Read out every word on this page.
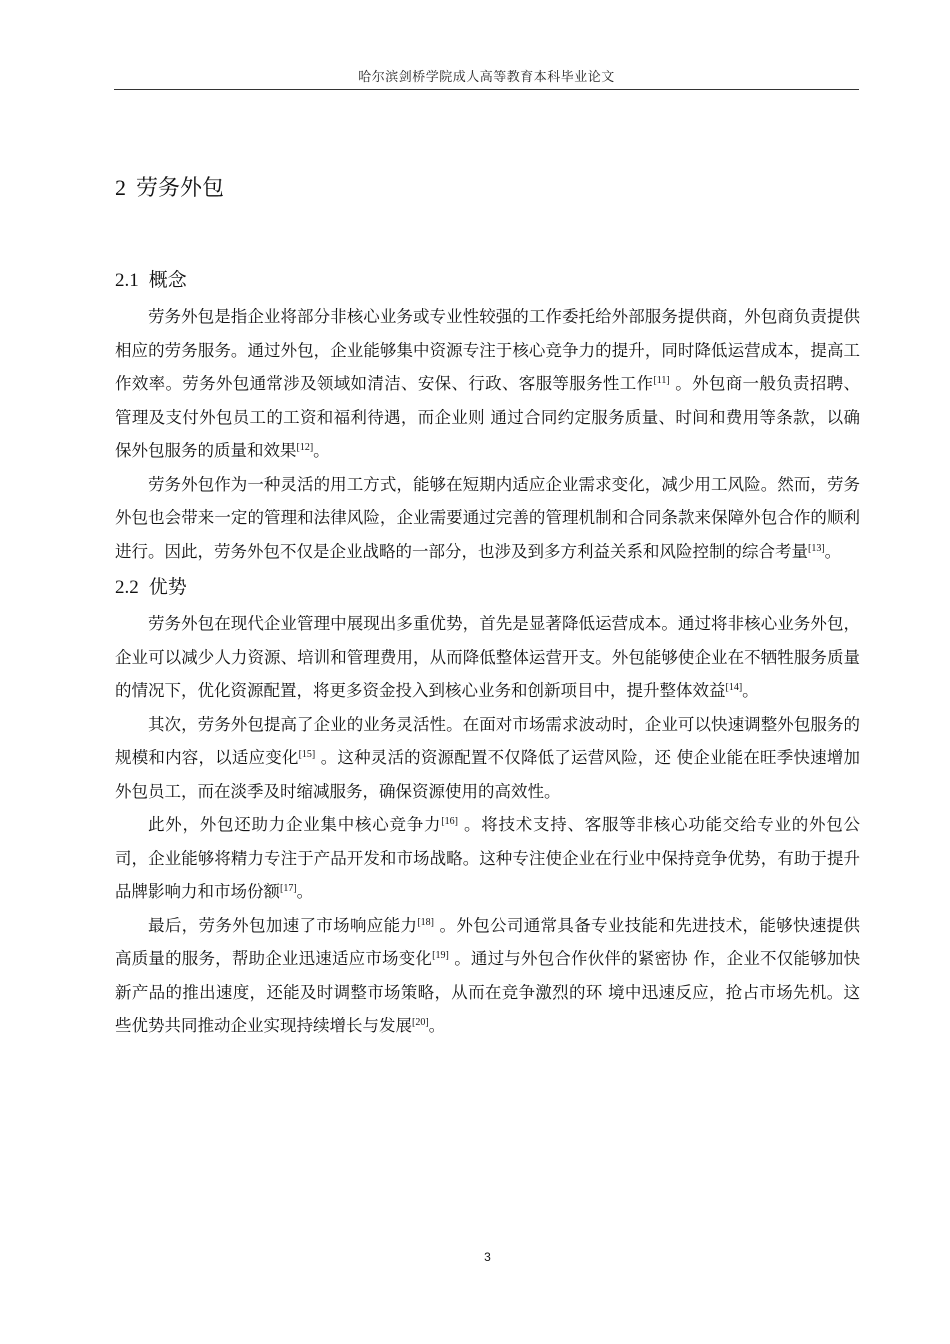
哈尔滨剑桥学院成人高等教育本科毕业论文
2 劳务外包
2.1 概念

劳务外包是指企业将部分非核心业务或专业性较强的工作委托给外部服务提供商，外包商负责提供相应的劳务服务。通过外包，企业能够集中资源专注于核心竞争力的提升，同时降低运营成本，提高工作效率。劳务外包通常涉及领域如清洁、安保、行政、客服等服务性工作[11] 。外包商一般负责招聘、管理及支付外包员工的工资和福利待遇，而企业则 通过合同约定服务质量、时间和费用等条款，以确保外包服务的质量和效果[12]。

劳务外包作为一种灵活的用工方式，能够在短期内适应企业需求变化，减少用工风险。然而，劳务外包也会带来一定的管理和法律风险，企业需要通过完善的管理机制和合同条款来保障外包合作的顺利进行。因此，劳务外包不仅是企业战略的一部分，也涉及到多方利益关系和风险控制的综合考量[13]。

2.2 优势

劳务外包在现代企业管理中展现出多重优势，首先是显著降低运营成本。通过将非核心业务外包，企业可以减少人力资源、培训和管理费用，从而降低整体运营开支。外包能够使企业在不牺牲服务质量的情况下，优化资源配置，将更多资金投入到核心业务和创新项目中，提升整体效益[14]。

其次，劳务外包提高了企业的业务灵活性。在面对市场需求波动时，企业可以快速调整外包服务的规模和内容，以适应变化[15] 。这种灵活的资源配置不仅降低了运营风险，还 使企业能在旺季快速增加外包员工，而在淡季及时缩减服务，确保资源使用的高效性。

此外，外包还助力企业集中核心竞争力[16] 。将技术支持、客服等非核心功能交给专业的外包公司，企业能够将精力专注于产品开发和市场战略。这种专注使企业在行业中保持竞争优势，有助于提升品牌影响力和市场份额[17]。

最后，劳务外包加速了市场响应能力[18] 。外包公司通常具备专业技能和先进技术，能够快速提供高质量的服务，帮助企业迅速适应市场变化[19] 。通过与外包合作伙伴的紧密协 作，企业不仅能够加快新产品的推出速度，还能及时调整市场策略，从而在竞争激烈的环 境中迅速反应，抢占市场先机。这些优势共同推动企业实现持续增长与发展[20]。

3
